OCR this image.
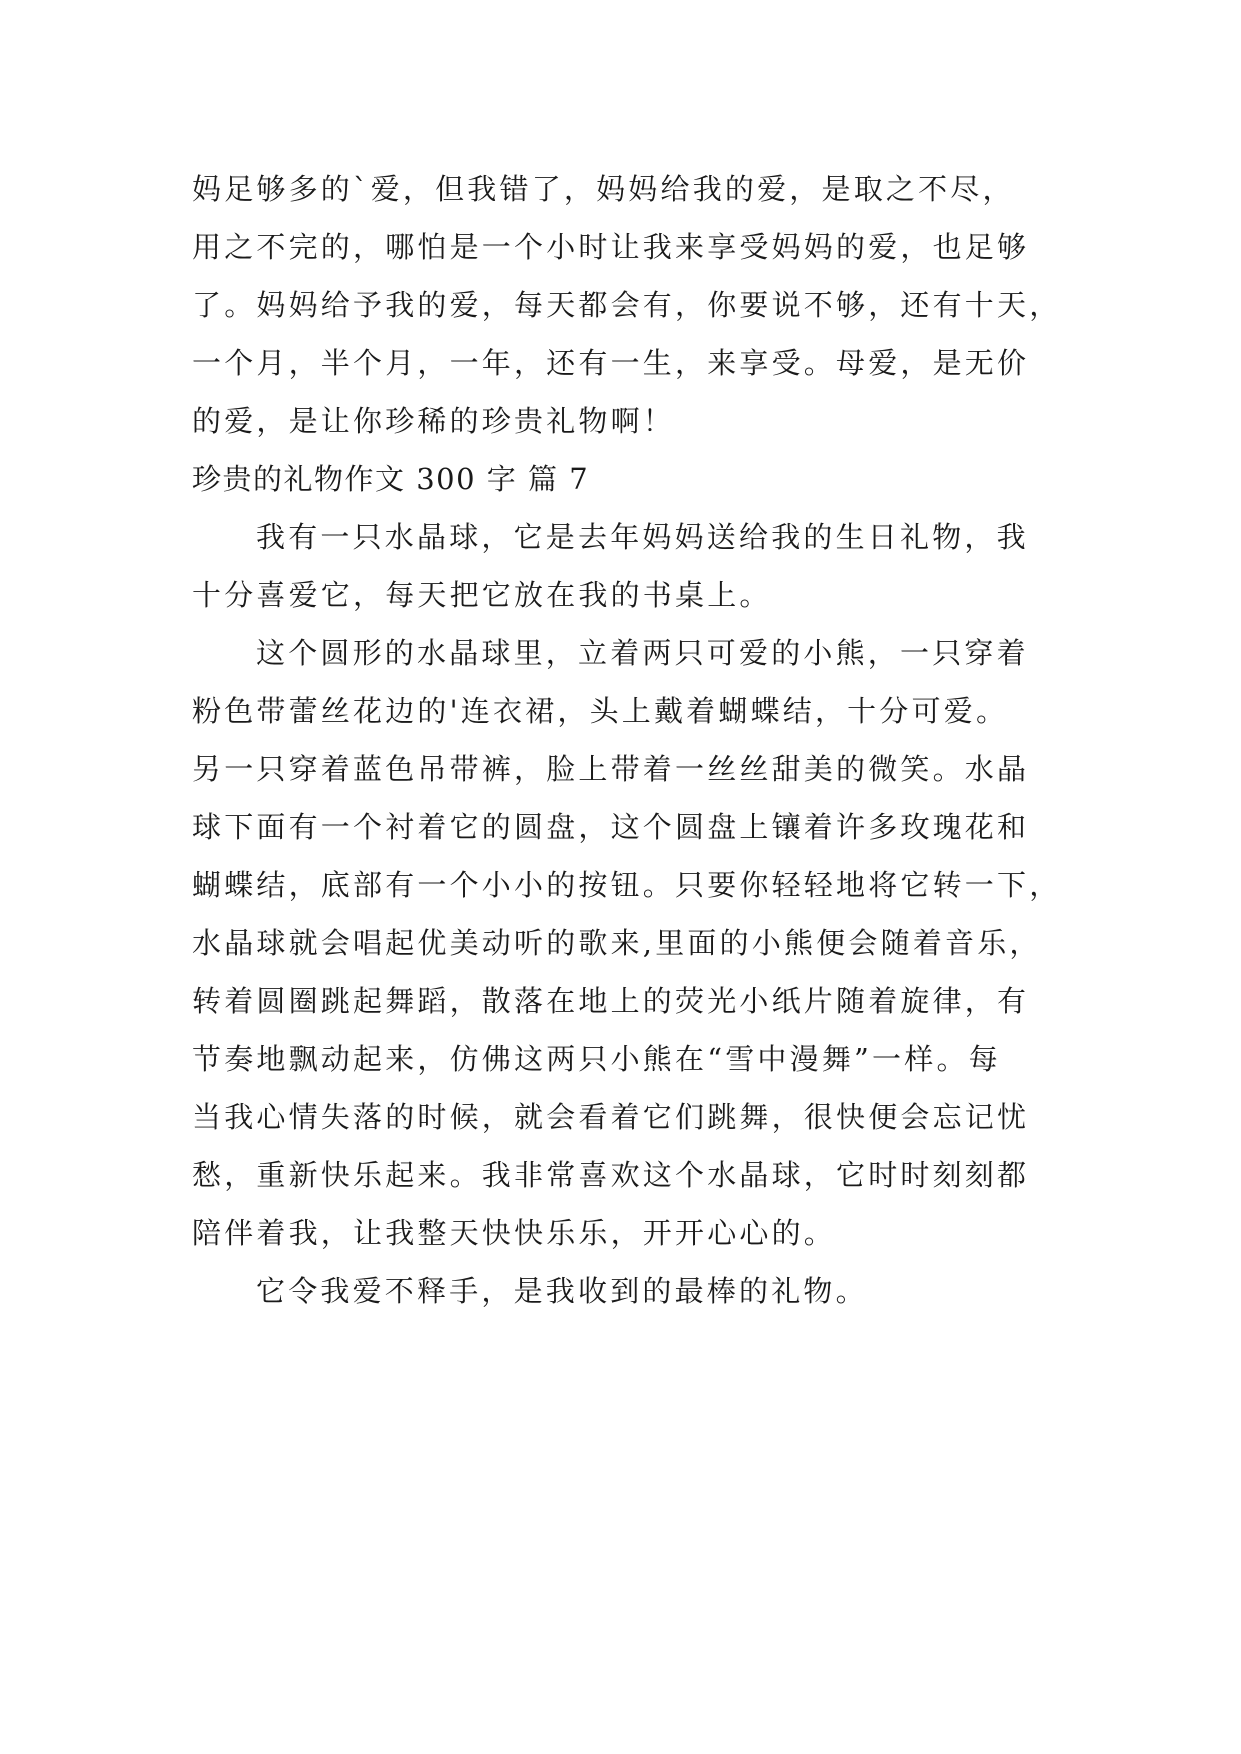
妈足够多的`爱，但我错了，妈妈给我的爱，是取之不尽，
用之不完的，哪怕是一个小时让我来享受妈妈的爱，也足够
了。妈妈给予我的爱，每天都会有，你要说不够，还有十天，
一个月，半个月，一年，还有一生，来享受。母爱，是无价
的爱，是让你珍稀的珍贵礼物啊！
珍贵的礼物作文 300 字 篇 7
我有一只水晶球，它是去年妈妈送给我的生日礼物，我
十分喜爱它，每天把它放在我的书桌上。
这个圆形的水晶球里，立着两只可爱的小熊，一只穿着
粉色带蕾丝花边的'连衣裙，头上戴着蝴蝶结，十分可爱。
另一只穿着蓝色吊带裤，脸上带着一丝丝甜美的微笑。水晶
球下面有一个衬着它的圆盘，这个圆盘上镶着许多玫瑰花和
蝴蝶结，底部有一个小小的按钮。只要你轻轻地将它转一下，
水晶球就会唱起优美动听的歌来,里面的小熊便会随着音乐，
转着圆圈跳起舞蹈，散落在地上的荧光小纸片随着旋律，有
节奏地飘动起来，仿佛这两只小熊在“雪中漫舞”一样。每
当我心情失落的时候，就会看着它们跳舞，很快便会忘记忧
愁，重新快乐起来。我非常喜欢这个水晶球，它时时刻刻都
陪伴着我，让我整天快快乐乐，开开心心的。
它令我爱不释手，是我收到的最棒的礼物。
